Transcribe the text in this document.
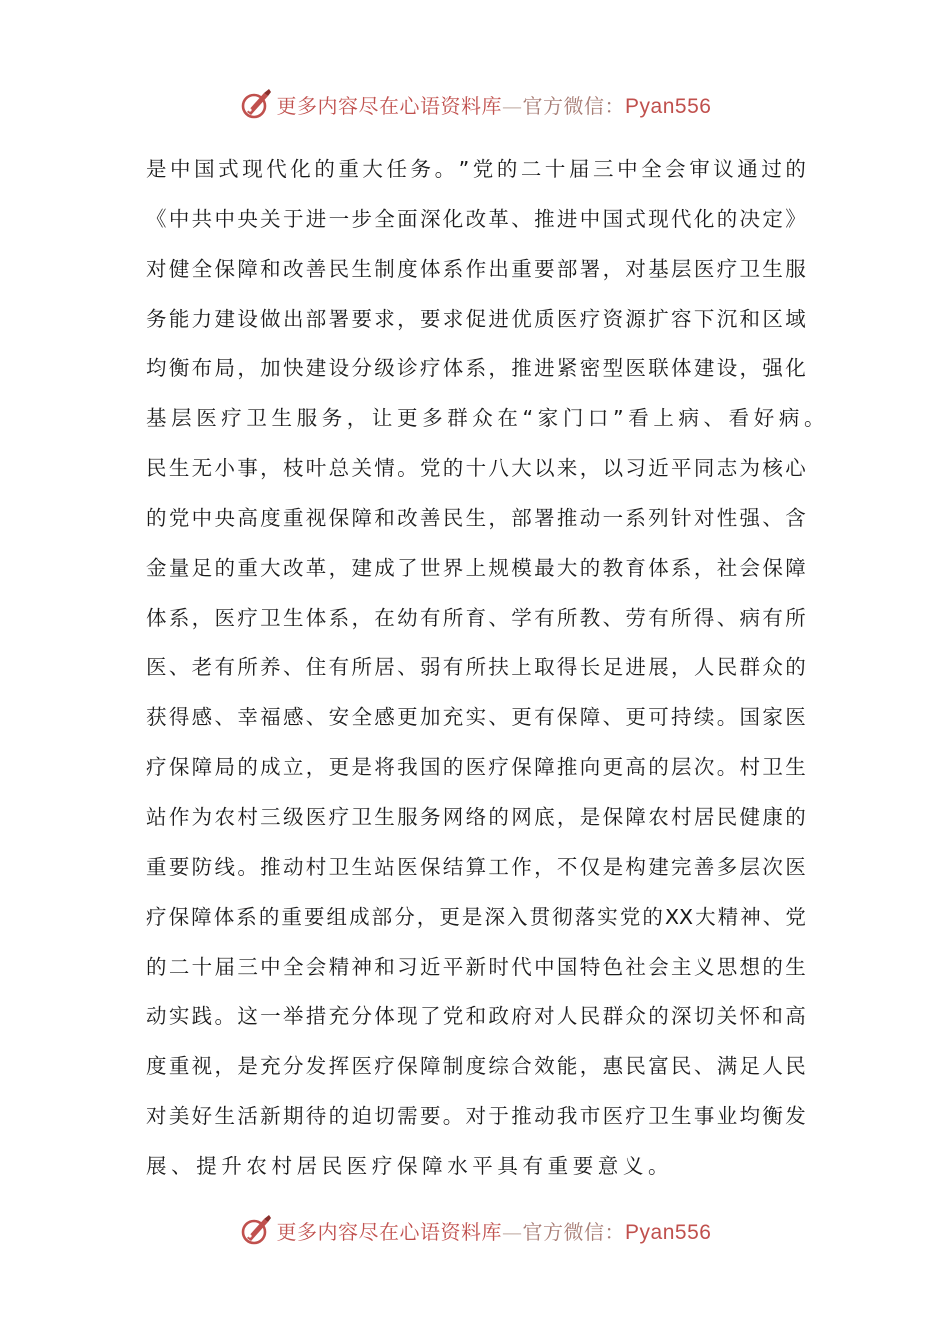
更多内容尽在心语资料库—官方微信：Pyan556
是 中 国 式 现 代 化 的 重 大 任 务 。 ” 党 的 二 十 届 三 中 全 会 审 议 通 过 的
《 中 共 中 央 关 于 进 一 步 全 面 深 化 改 革 、 推 进 中 国 式 现 代 化 的 决 定 》
对 健 全 保 障 和 改 善 民 生 制 度 体 系 作 出 重 要 部 署 ， 对 基 层 医 疗 卫 生 服
务 能 力 建 设 做 出 部 署 要 求 ， 要 求 促 进 优 质 医 疗 资 源 扩 容 下 沉 和 区 域
均 衡 布 局 ， 加 快 建 设 分 级 诊 疗 体 系 ， 推 进 紧 密 型 医 联 体 建 设 ， 强 化
基层医疗卫生服务，让更多群众在“家门口”看上病、看好病。
民 生 无 小 事 ， 枝 叶 总 关 情 。 党 的 十 八 大 以 来 ， 以 习 近 平 同 志 为 核 心
的 党 中 央 高 度 重 视 保 障 和 改 善 民 生 ， 部 署 推 动 一 系 列 针 对 性 强 、 含
金 量 足 的 重 大 改 革 ， 建 成 了 世 界 上 规 模 最 大 的 教 育 体 系 ， 社 会 保 障
体 系 ， 医 疗 卫 生 体 系 ， 在 幼 有 所 育 、 学 有 所 教 、 劳 有 所 得 、 病 有 所
医 、 老 有 所 养 、 住 有 所 居 、 弱 有 所 扶 上 取 得 长 足 进 展 ， 人 民 群 众 的
获 得 感 、 幸 福 感 、 安 全 感 更 加 充 实 、 更 有 保 障 、 更 可 持 续 。 国 家 医
疗 保 障 局 的 成 立 ， 更 是 将 我 国 的 医 疗 保 障 推 向 更 高 的 层 次 。 村 卫 生
站 作 为 农 村 三 级 医 疗 卫 生 服 务 网 络 的 网 底 ， 是 保 障 农 村 居 民 健 康 的
重 要 防 线 。 推 动 村 卫 生 站 医 保 结 算 工 作 ， 不 仅 是 构 建 完 善 多 层 次 医
疗 保 障 体 系 的 重 要 组 成 部 分 ， 更 是 深 入 贯 彻 落 实 党 的 XX 大 精 神 、 党
的 二 十 届 三 中 全 会 精 神 和 习 近 平 新 时 代 中 国 特 色 社 会 主 义 思 想 的 生
动 实 践 。 这 一 举 措 充 分 体 现 了 党 和 政 府 对 人 民 群 众 的 深 切 关 怀 和 高
度 重 视 ， 是 充 分 发 挥 医 疗 保 障 制 度 综 合 效 能 ， 惠 民 富 民 、 满 足 人 民
对 美 好 生 活 新 期 待 的 迫 切 需 要 。 对 于 推 动 我 市 医 疗 卫 生 事 业 均 衡 发
展、提升农村居民医疗保障水平具有重要意义。
更多内容尽在心语资料库—官方微信：Pyan556
